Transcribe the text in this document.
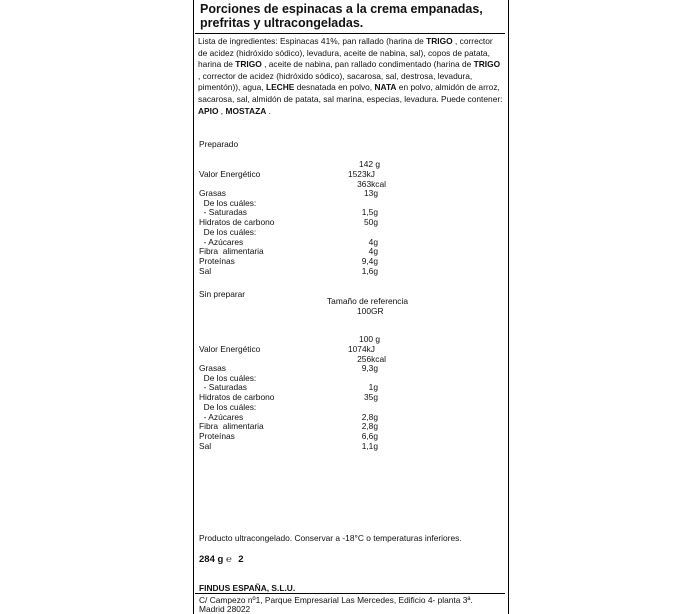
Porciones de espinacas a la crema empanadas, prefritas y ultracongeladas.
Lista de ingredientes: Espinacas 41%, pan rallado (harina de TRIGO , corrector de acidez (hidróxido sódico), levadura, aceite de nabina, sal), copos de patata, harina de TRIGO , aceite de nabina, pan rallado condimentado (harina de TRIGO , corrector de acidez (hidróxido sódico), sacarosa, sal, destrosa, levadura, pimentón)), agua, LECHE desnatada en polvo, NATA en polvo, almidón de arroz, sacarosa, sal, almidón de patata, sal marina, especias, levadura. Puede contener: APIO , MOSTAZA .
Preparado
142 g
Valor Energético	1523kJ
363kcal
Grasas	13g
De los cuáles:
- Saturadas	1,5g
Hidratos de carbono	50g
De los cuáles:
- Azúcares	4g
Fibra  alimentaria	4g
Proteínas	9,4g
Sal	1,6g
Sin preparar
Tamaño de referencia
100GR
100 g
Valor Energético	1074kJ
256kcal
Grasas	9,3g
De los cuáles:
- Saturadas	1g
Hidratos de carbono	35g
De los cuáles:
- Azúcares	2,8g
Fibra  alimentaria	2,8g
Proteínas	6,6g
Sal	1,1g
Producto ultracongelado. Conservar a -18°C o temperaturas inferiores.
284 g ℮ 2
FINDUS ESPAÑA, S.L.U.
C/ Campezo nº1, Parque Empresarial Las Mercedes, Edificio 4- planta 3ª.
Madrid 28022
